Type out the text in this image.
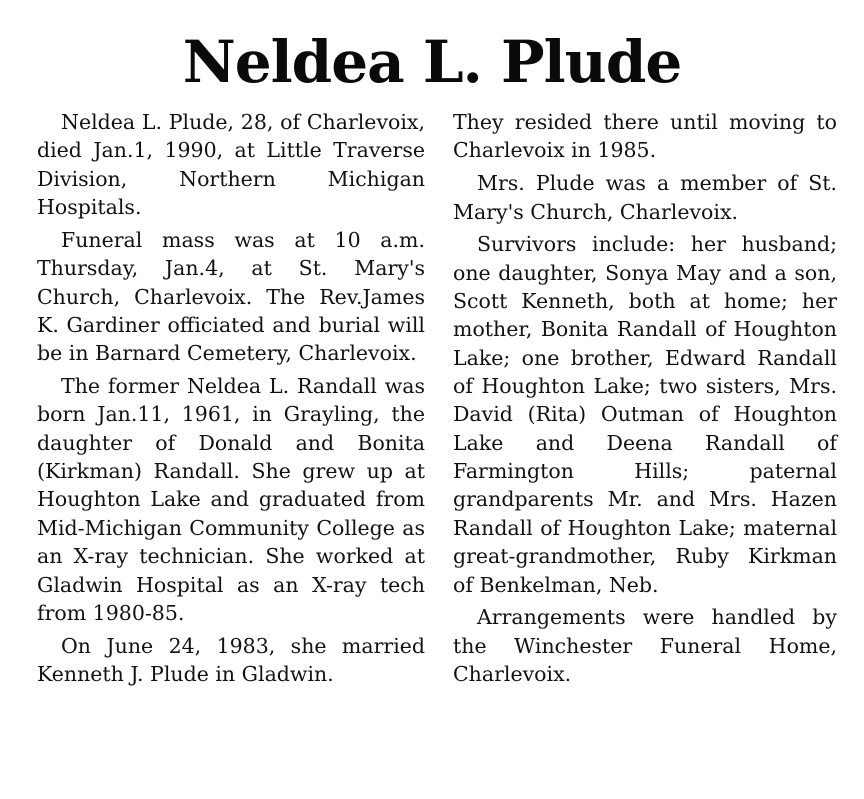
Neldea L. Plude

Neldea L. Plude, 28, of Charlevoix, died Jan.1, 1990, at Little Traverse Division, Northern Michigan Hospitals.

Funeral mass was at 10 a.m. Thursday, Jan.4, at St. Mary's Church, Charlevoix. The Rev.James K. Gardiner officiated and burial will be in Barnard Cemetery, Charlevoix.

The former Neldea L. Randall was born Jan.11, 1961, in Grayling, the daughter of Donald and Bonita (Kirkman) Randall. She grew up at Houghton Lake and graduated from Mid-Michigan Community College as an X-ray technician. She worked at Gladwin Hospital as an X-ray tech from 1980-85.

On June 24, 1983, she married Kenneth J. Plude in Gladwin.

They resided there until moving to Charlevoix in 1985.

Mrs. Plude was a member of St. Mary's Church, Charlevoix.

Survivors include: her husband; one daughter, Sonya May and a son, Scott Kenneth, both at home; her mother, Bonita Randall of Houghton Lake; one brother, Edward Randall of Houghton Lake; two sisters, Mrs. David (Rita) Outman of Houghton Lake and Deena Randall of Farmington Hills; paternal grandparents Mr. and Mrs. Hazen Randall of Houghton Lake; maternal great-grandmother, Ruby Kirkman of Benkelman, Neb.

Arrangements were handled by the Winchester Funeral Home, Charlevoix.
